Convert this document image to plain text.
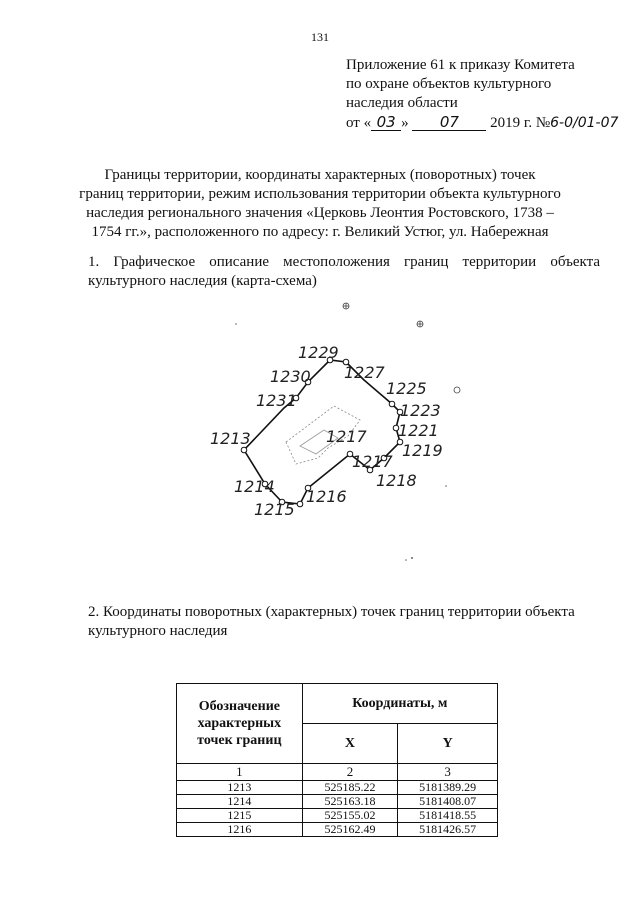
131
Приложение 61 к приказу Комитета
по охране объектов культурного
наследия области
от « 03 » 07 2019 г. №6-0/01-07
Границы территории, координаты характерных (поворотных) точек
границ территории, режим использования территории объекта культурного
наследия регионального значения «Церковь Леонтия Ростовского, 1738 –
1754 гг.», расположенного по адресу: г. Великий Устюг, ул. Набережная
1. Графическое описание местоположения границ территории объекта
культурного наследия (карта-схема)
1213
1214
1215
1216
1217
1217
1218
1219
1221
1223
1225
1227
1229
1230
1231
2. Координаты поворотных (характерных) точек границ территории объекта
культурного наследия
Обозначение
характерных
точек границ	Координаты, м	
	X	Y
1	2	3
1213	525185.22	5181389.29
1214	525163.18	5181408.07
1215	525155.02	5181418.55
1216	525162.49	5181426.57
